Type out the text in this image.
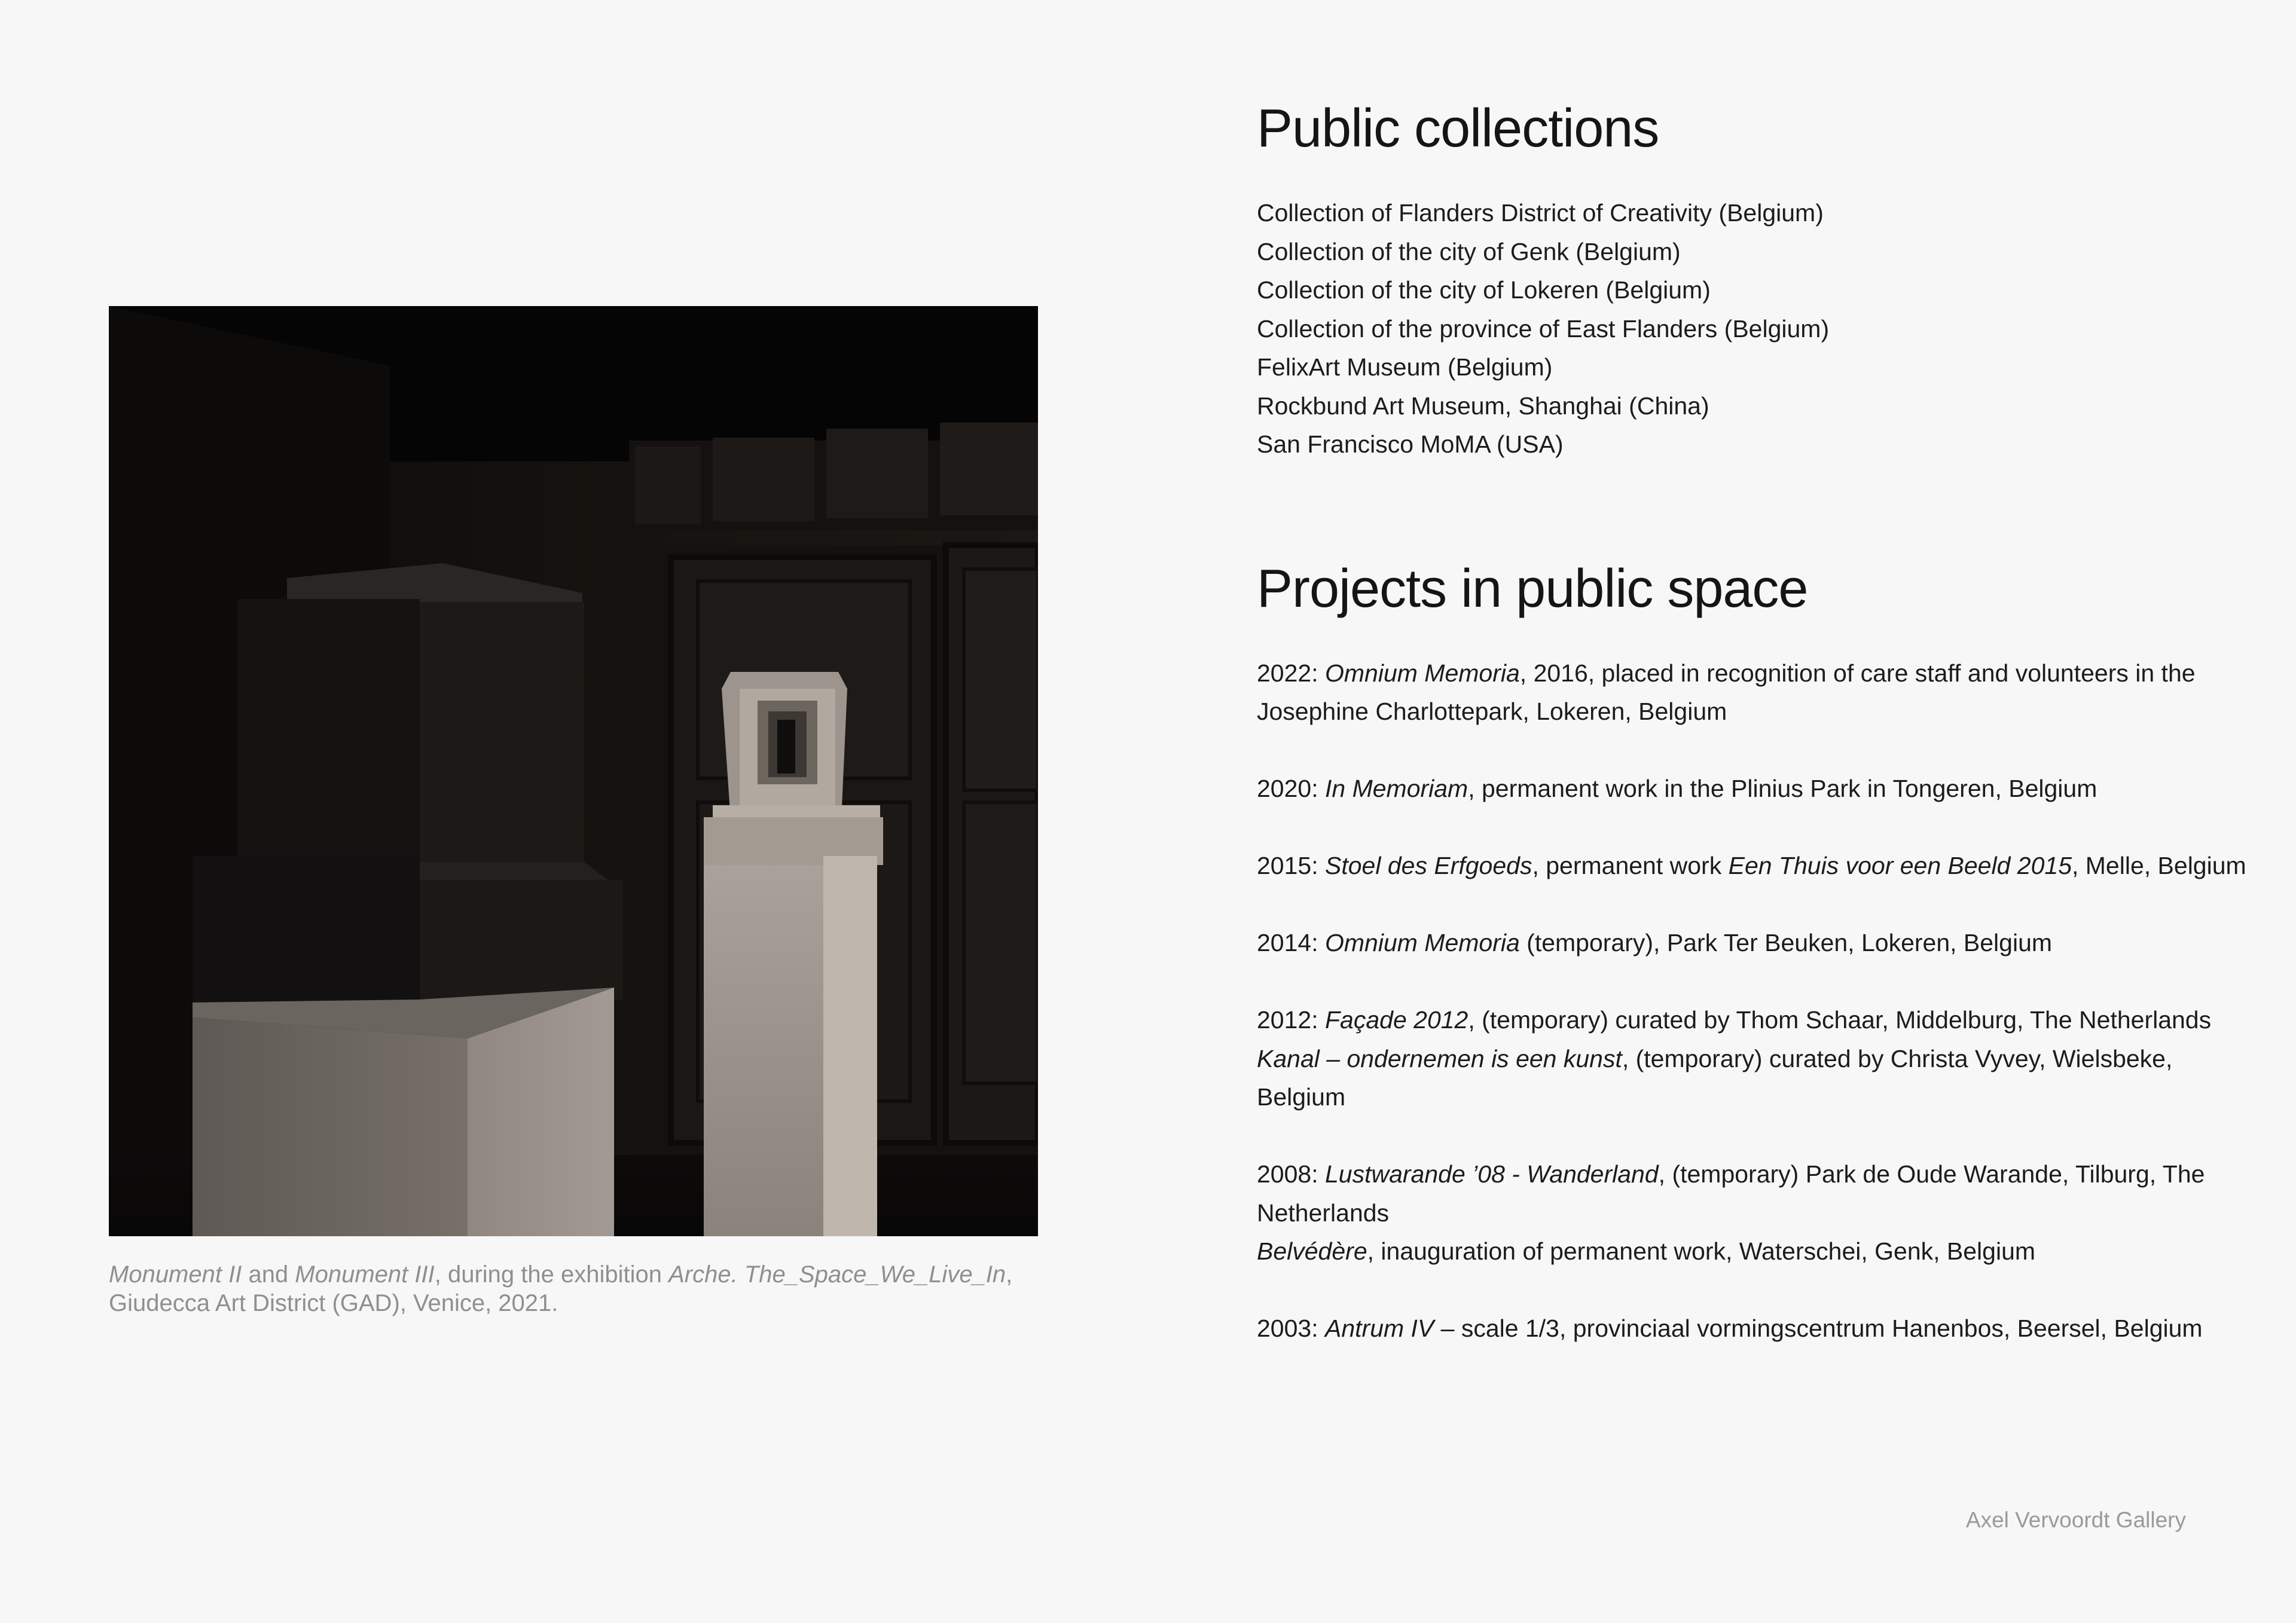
Monument II and Monument III, during the exhibition Arche. The_Space_We_Live_In,
Giudecca Art District (GAD), Venice, 2021.
Public collections
Collection of Flanders District of Creativity (Belgium)
Collection of the city of Genk (Belgium)
Collection of the city of Lokeren (Belgium)
Collection of the province of East Flanders (Belgium)
FelixArt Museum (Belgium)
Rockbund Art Museum, Shanghai (China)
San Francisco MoMA (USA)
Projects in public space

2022: Omnium Memoria, 2016, placed in recognition of care staff and volunteers in the Josephine Charlottepark, Lokeren, Belgium

2020: In Memoriam, permanent work in the Plinius Park in Tongeren, Belgium

2015: Stoel des Erfgoeds, permanent work Een Thuis voor een Beeld 2015, Melle, Belgium

2014: Omnium Memoria (temporary), Park Ter Beuken, Lokeren, Belgium

2012: Façade 2012, (temporary) curated by Thom Schaar, Middelburg, The Netherlands
Kanal – ondernemen is een kunst, (temporary) curated by Christa Vyvey, Wielsbeke, Belgium

2008: Lustwarande ’08 - Wanderland, (temporary) Park de Oude Warande, Tilburg, The Netherlands
Belvédère, inauguration of permanent work, Waterschei, Genk, Belgium

2003: Antrum IV – scale 1/3, provinciaal vormingscentrum Hanenbos, Beersel, Belgium

Axel Vervoordt Gallery
